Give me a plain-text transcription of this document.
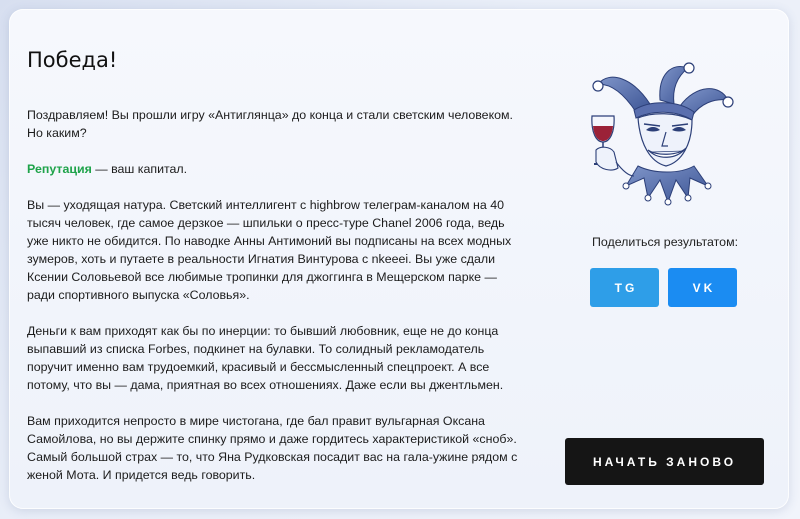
Победа!

Поздравляем! Вы прошли игру «Антиглянца» до конца и стали светским человеком.
Но каким?

Репутация — ваш капитал.

Вы — уходящая натура. Светский интеллигент с highbrow телеграм-каналом на 40 тысяч человек, где самое дерзкое — шпильки о пресс-туре Chanel 2006 года, ведь уже никто не обидится. По наводке Анны Антимоний вы подписаны на всех модных зумеров, хоть и путаете в реальности Игнатия Винтурова с nkeeei. Вы уже сдали Ксении Соловьевой все любимые тропинки для джоггинга в Мещерском парке — ради спортивного выпуска «Соловья».

Деньги к вам приходят как бы по инерции: то бывший любовник, еще не до конца выпавший из списка Forbes, подкинет на булавки. То солидный рекламодатель поручит именно вам трудоемкий, красивый и бессмысленный спецпроект. А все потому, что вы — дама, приятная во всех отношениях. Даже если вы джентльмен.

Вам приходится непросто в мире чистогана, где бал правит вульгарная Оксана Самойлова, но вы держите спинку прямо и даже гордитесь характеристикой «сноб». Самый большой страх — то, что Яна Рудковская посадит вас на гала-ужине рядом с женой Мота. И придется ведь говорить.

Поделиться результатом:
TG	VK
НАЧАТЬ ЗАНОВО
